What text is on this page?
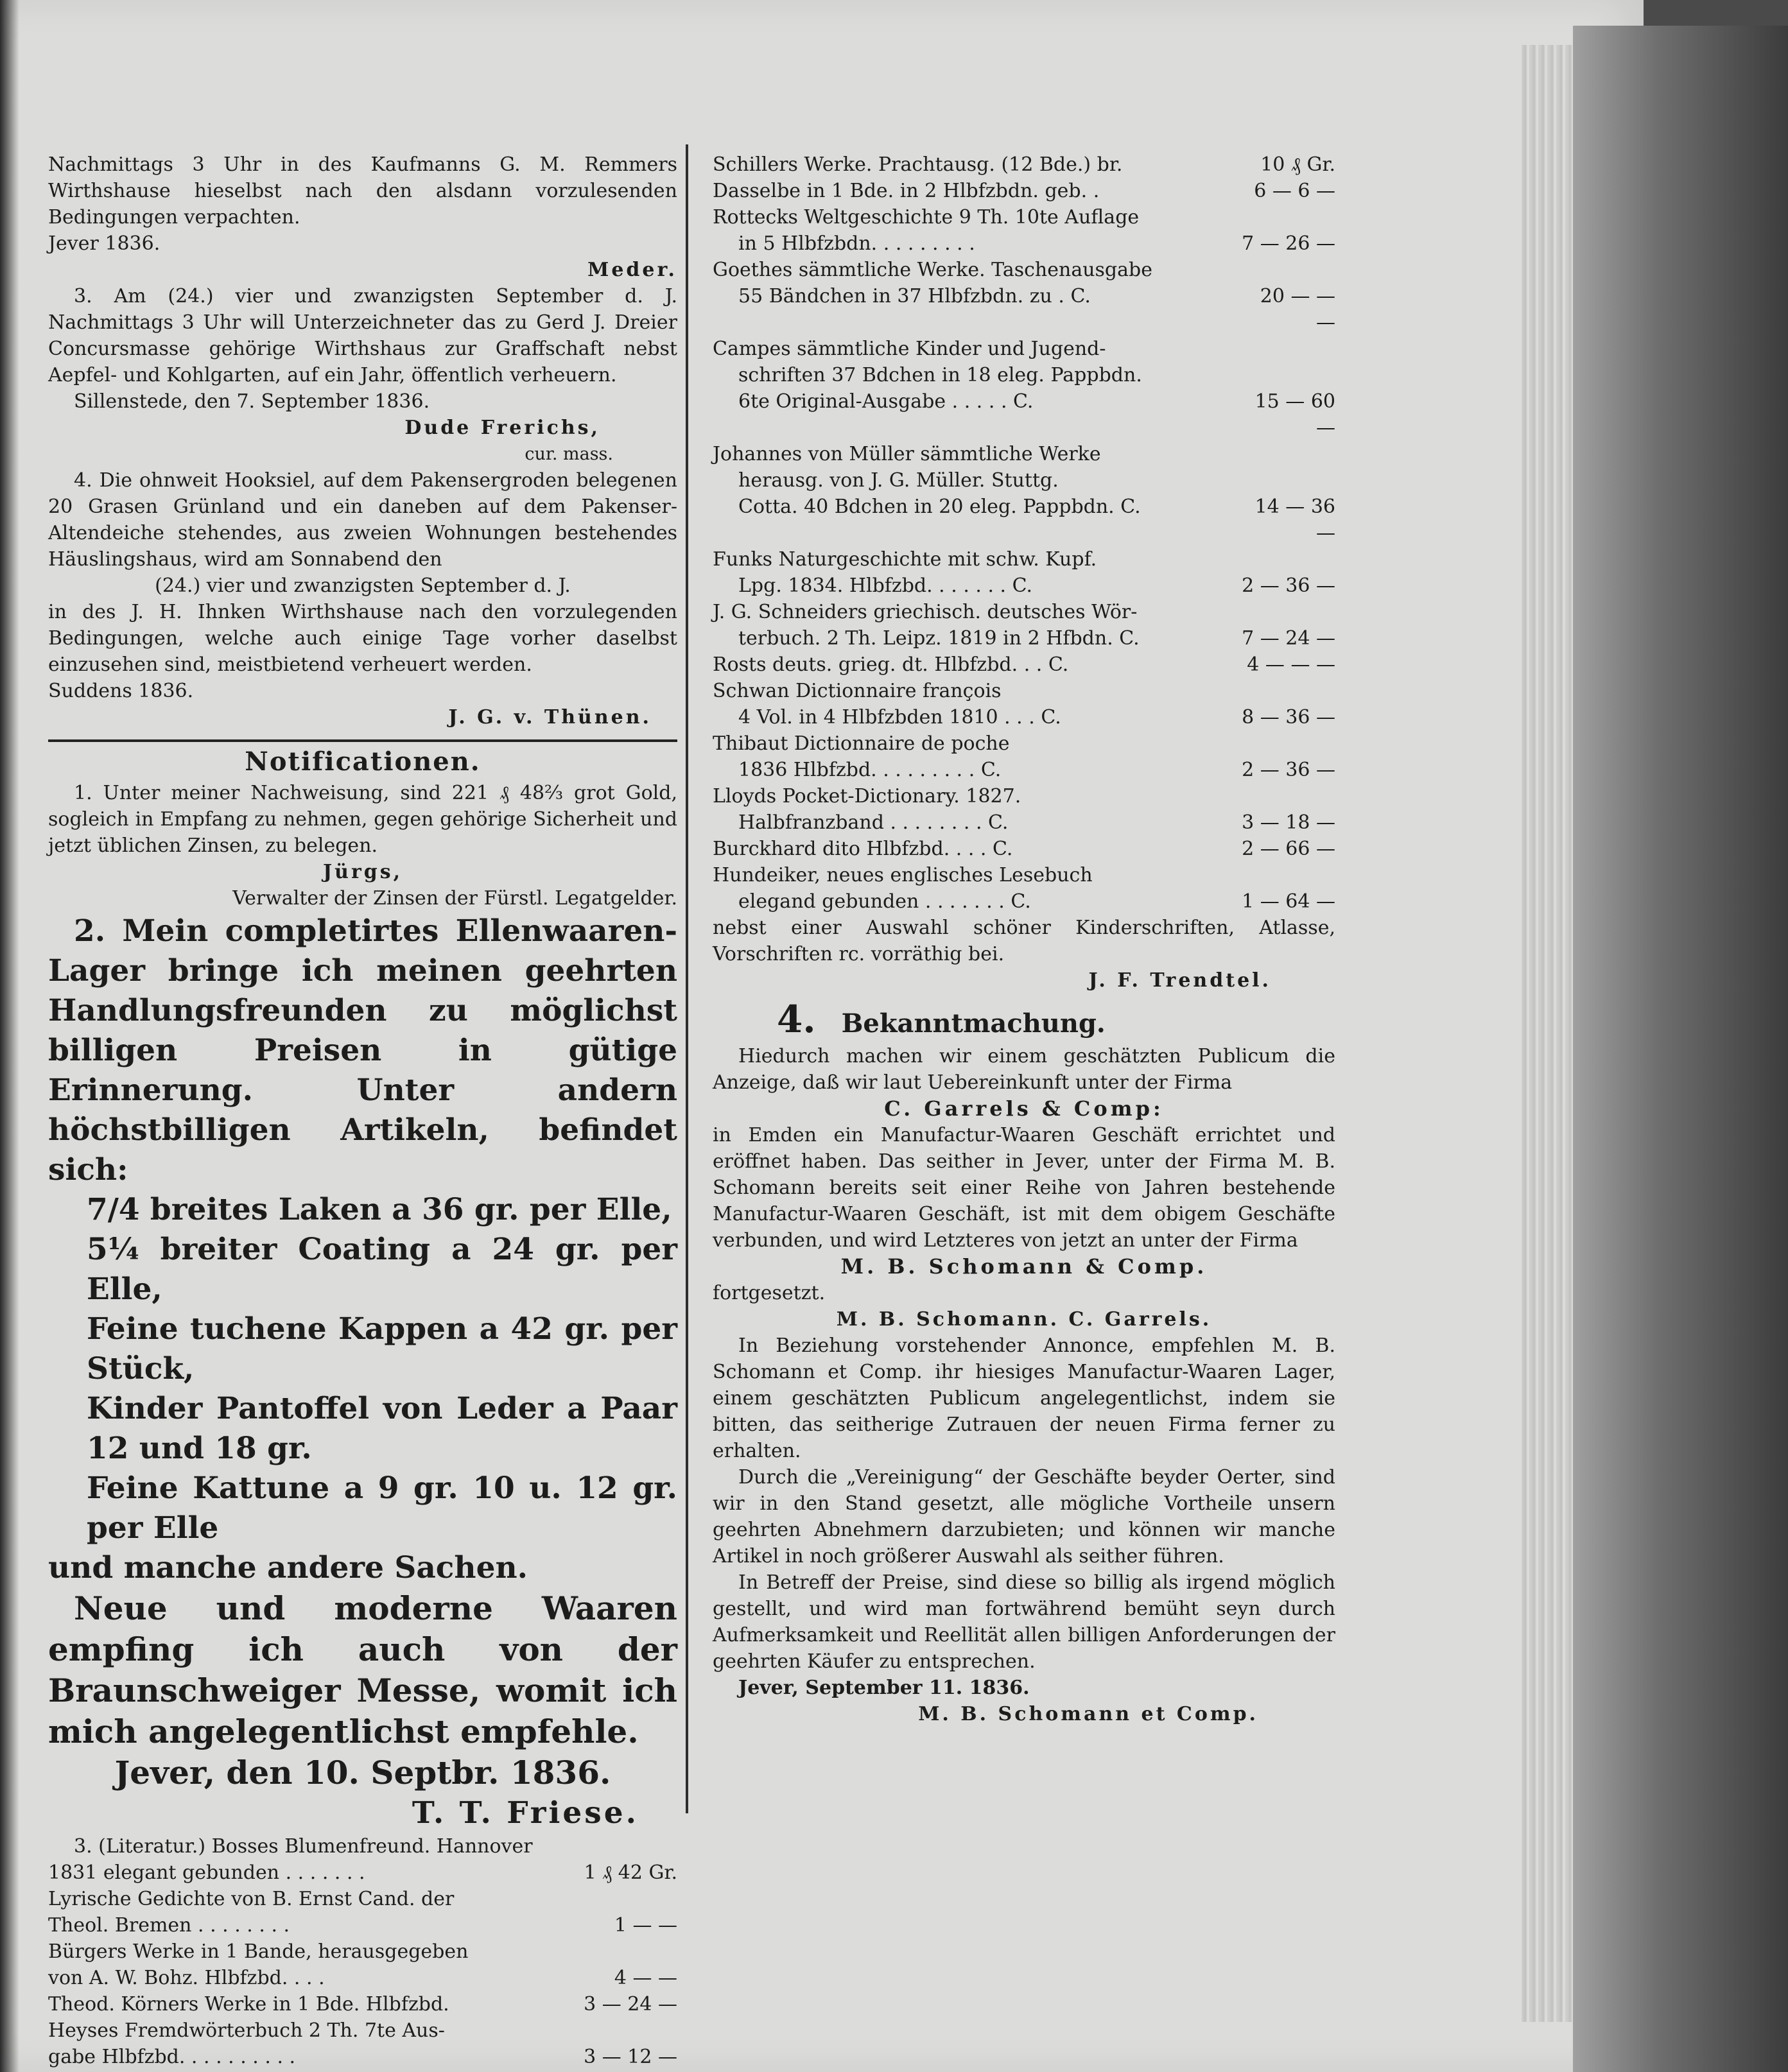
Nachmittags 3 Uhr in des Kaufmanns G. M. Remmers Wirthshause hieselbst nach den alsdann vorzulesenden Bedingungen verpachten.

Jever 1836.

Meder.

3. Am (24.) vier und zwanzigsten September d. J. Nachmittags 3 Uhr will Unterzeichneter das zu Gerd J. Dreier Concursmasse gehörige Wirthshaus zur Graffschaft nebst Aepfel- und Kohlgarten, auf ein Jahr, öffentlich verheuern.

Sillenstede, den 7. September 1836.

Dude Frerichs,

cur. mass.

4. Die ohnweit Hooksiel, auf dem Pakensergroden belegenen 20 Grasen Grünland und ein daneben auf dem Pakenser-Altendeiche stehendes, aus zweien Wohnungen bestehendes Häuslingshaus, wird am Sonnabend den

(24.) vier und zwanzigsten September d. J.

in des J. H. Ihnken Wirthshause nach den vorzulegenden Bedingungen, welche auch einige Tage vorher daselbst einzusehen sind, meistbietend verheuert werden.

Suddens 1836.

J. G. v. Thünen.

Notificationen.

1. Unter meiner Nachweisung, sind 221 ₰ 48⅔ grot Gold, sogleich in Empfang zu nehmen, gegen gehörige Sicherheit und jetzt üblichen Zinsen, zu belegen.

Jürgs,

Verwalter der Zinsen der Fürstl. Legatgelder.

2. Mein completirtes Ellenwaaren-Lager bringe ich meinen geehrten Handlungsfreunden zu möglichst billigen Preisen in gütige Erinnerung. Unter andern höchstbilligen Artikeln, befindet sich:

7/4 breites Laken a 36 gr. per Elle,

5¼ breiter Coating a 24 gr. per Elle,

Feine tuchene Kappen a 42 gr. per Stück,

Kinder Pantoffel von Leder a Paar 12 und 18 gr.

Feine Kattune a 9 gr. 10 u. 12 gr. per Elle

und manche andere Sachen.

Neue und moderne Waaren empfing ich auch von der Braunschweiger Messe, womit ich mich angelegentlichst empfehle.

Jever, den 10. Septbr. 1836.

T. T. Friese.

3. (Literatur.) Bosses Blumenfreund. Hannover

1831 elegant gebunden . . . . . . .	1 ₰ 42 Gr.
Lyrische Gedichte von B. Ernst Cand. der
Theol. Bremen . . . . . . . .	1 — —
Bürgers Werke in 1 Bande, herausgegeben
von A. W. Bohz. Hlbfzbd. . . .	4 — —
Theod. Körners Werke in 1 Bde. Hlbfzbd.	3 — 24 —
Heyses Fremdwörterbuch 2 Th. 7te Aus-
gabe Hlbfzbd. . . . . . . . . .	3 — 12 —
Schillers Werke. Prachtausg. (12 Bde.) br.	10 ₰ Gr.
Dasselbe in 1 Bde. in 2 Hlbfzbdn. geb. .	6 — 6 —
Rottecks Weltgeschichte 9 Th. 10te Auflage
in 5 Hlbfzbdn. . . . . . . . .	7 — 26 —
Goethes sämmtliche Werke. Taschenausgabe
55 Bändchen in 37 Hlbfzbdn. zu . C.	20 — — —
Campes sämmtliche Kinder und Jugend-
schriften 37 Bdchen in 18 eleg. Pappbdn.
6te Original-Ausgabe . . . . . C.	15 — 60 —
Johannes von Müller sämmtliche Werke
herausg. von J. G. Müller. Stuttg.
Cotta. 40 Bdchen in 20 eleg. Pappbdn. C.	14 — 36 —
Funks Naturgeschichte mit schw. Kupf.
Lpg. 1834. Hlbfzbd. . . . . . . C.	2 — 36 —
J. G. Schneiders griechisch. deutsches Wör-
terbuch. 2 Th. Leipz. 1819 in 2 Hfbdn. C.	7 — 24 —
Rosts deuts. grieg. dt. Hlbfzbd. . . C.	4 — — —
Schwan Dictionnaire françois
4 Vol. in 4 Hlbfzbden 1810 . . . C.	8 — 36 —
Thibaut Dictionnaire de poche
1836 Hlbfzbd. . . . . . . . . C.	2 — 36 —
Lloyds Pocket-Dictionary. 1827.
Halbfranzband . . . . . . . . C.	3 — 18 —
Burckhard dito Hlbfzbd. . . . C.	2 — 66 —
Hundeiker, neues englisches Lesebuch
elegand gebunden . . . . . . . C.	1 — 64 —

nebst einer Auswahl schöner Kinderschriften, Atlasse, Vorschriften rc. vorräthig bei.

J. F. Trendtel.

4. Bekanntmachung.

Hiedurch machen wir einem geschätzten Publicum die Anzeige, daß wir laut Uebereinkunft unter der Firma

C. Garrels & Comp:

in Emden ein Manufactur-Waaren Geschäft errichtet und eröffnet haben. Das seither in Jever, unter der Firma M. B. Schomann bereits seit einer Reihe von Jahren bestehende Manufactur-Waaren Geschäft, ist mit dem obigem Geschäfte verbunden, und wird Letzteres von jetzt an unter der Firma

M. B. Schomann & Comp.

fortgesetzt.

M. B. Schomann. C. Garrels.

In Beziehung vorstehender Annonce, empfehlen M. B. Schomann et Comp. ihr hiesiges Manufactur-Waaren Lager, einem geschätzten Publicum angelegentlichst, indem sie bitten, das seitherige Zutrauen der neuen Firma ferner zu erhalten.

Durch die „Vereinigung“ der Geschäfte beyder Oerter, sind wir in den Stand gesetzt, alle mögliche Vortheile unsern geehrten Abnehmern darzubieten; und können wir manche Artikel in noch größerer Auswahl als seither führen.

In Betreff der Preise, sind diese so billig als irgend möglich gestellt, und wird man fortwährend bemüht seyn durch Aufmerksamkeit und Reellität allen billigen Anforderungen der geehrten Käufer zu entsprechen.

Jever, September 11. 1836.

M. B. Schomann et Comp.
